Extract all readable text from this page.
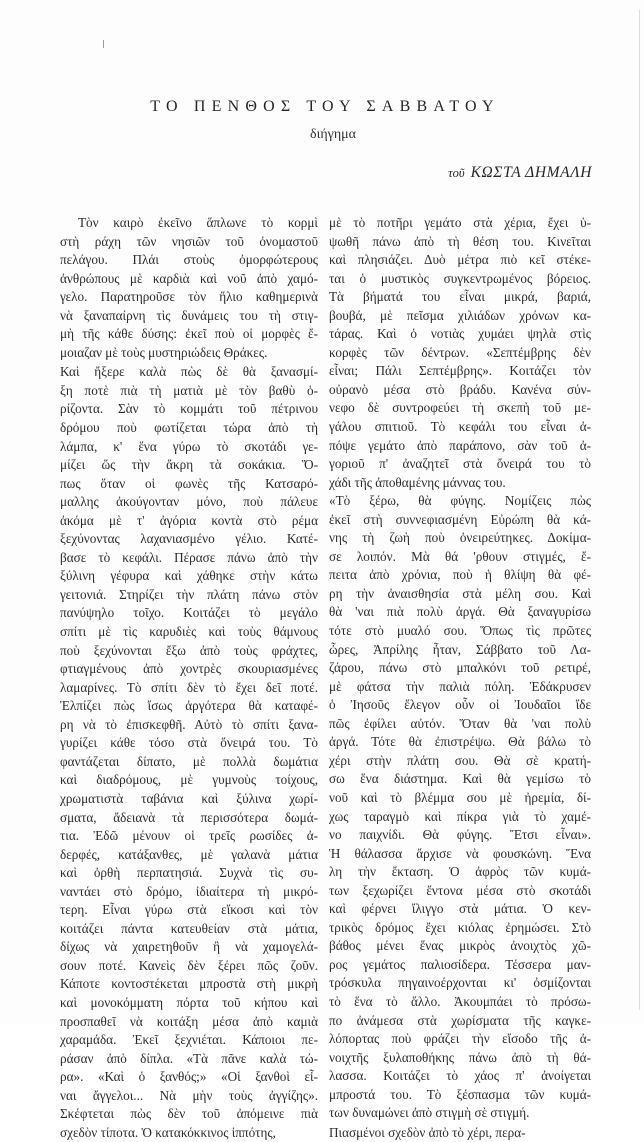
ΤΟ ΠΕΝΘΟΣ ΤΟΥ ΣΑΒΒΑΤΟΥ
διήγημα
τοῦ ΚΩΣΤΑ ΔΗΜΑΛΗ
Τὸν καιρὸ ἐκεῖνο ἅπλωνε τὸ κορμὶ
στὴ ράχη τῶν νησιῶν τοῦ ὀνομαστοῦ
πελάγου. Πλάι στοὺς ὀμορφώτερους
ἀνθρώπους μὲ καρδιὰ καὶ νοῦ ἀπὸ χαμό-
γελο. Παρατηροῦσε τὸν ἥλιο καθημερινὰ
νὰ ξαναπαίρνη τὶς δυνάμεις του τὴ στιγ-
μὴ τῆς κάθε δύσης: ἐκεῖ ποὺ οἱ μορφὲς ἔ-
μοιαζαν μὲ τοὺς μυστηριώδεις Θράκες.
Καὶ ἤξερε καλὰ πὼς δὲ θὰ ξανασμί-
ξη ποτὲ πιὰ τὴ ματιὰ μὲ τὸν βαθὺ ὁ-
ρίζοντα. Σὰν τὸ κομμάτι τοῦ πέτρινου
δρόμου ποὺ φωτίζεται τώρα ἀπὸ τὴ
λάμπα, κ' ἕνα γύρω τὸ σκοτάδι γε-
μίζει ὥς τὴν ἄκρη τὰ σοκάκια. Ὅ-
πως ὅταν οἱ φωνὲς τῆς Κατσαρό-
μαλλης ἀκούγονταν μόνο, ποὺ πάλευε
ἀκόμα μὲ τ' ἀγόρια κοντὰ στὸ ρέμα
ξεχύνοντας λαχανιασμένο γέλιο. Κατέ-
βασε τὸ κεφάλι. Πέρασε πάνω ἀπὸ τὴν
ξύλινη γέφυρα καὶ χάθηκε στὴν κάτω
γειτονιά. Στηρίζει τὴν πλάτη πάνω στὸν
πανύψηλο τοῖχο. Κοιτάζει τὸ μεγάλο
σπίτι μὲ τὶς καρυδιὲς καὶ τοὺς θάμνους
ποὺ ξεχύνονται ἔξω ἀπὸ τοὺς φράχτες,
φτιαγμένους ἀπὸ χοντρὲς σκουριασμένες
λαμαρίνες. Τὸ σπίτι δὲν τὸ ἔχει δεῖ ποτέ.
Ἐλπίζει πὼς ἴσως ἀργότερα θὰ καταφέ-
ρη νὰ τὸ ἐπισκεφθῆ. Αὐτὸ τὸ σπίτι ξανα-
γυρίζει κάθε τόσο στὰ ὄνειρά του. Τὸ
φαντάζεται δίπατο, μὲ πολλὰ δωμάτια
καὶ διαδρόμους, μὲ γυμνοὺς τοίχους,
χρωματιστὰ ταβάνια καὶ ξύλινα χωρί-
σματα, ἄδειανὰ τὰ περισσότερα δωμά-
τια. Ἐδῶ μένουν οἱ τρεῖς ρωσίδες ἀ-
δερφές, κατάξανθες, μὲ γαλανὰ μάτια
καὶ ὀρθὴ περπατησιά. Συχνὰ τὶς συ-
ναντάει στὸ δρόμο, ἰδιαίτερα τὴ μικρό-
τερη. Εἶναι γύρω στὰ εἴκοσι καὶ τὸν
κοιτάζει πάντα κατευθείαν στὰ μάτια,
δίχως νὰ χαιρετηθοῦν ἢ νὰ χαμογελά-
σουν ποτέ. Κανεὶς δὲν ξέρει πῶς ζοῦν.
Κάποτε κοντοστέκεται μπροστὰ στὴ μικρὴ
καὶ μονοκόμματη πόρτα τοῦ κήπου καὶ
προσπαθεῖ νὰ κοιτάξη μέσα ἀπὸ καμιὰ
χαραμάδα. Ἐκεῖ ξεχνιέται. Κάποιοι πε-
ράσαν ἀπὸ δίπλα. «Τὰ πᾶνε καλὰ τώ-
ρα». «Καὶ ὁ ξανθός;» «Οἱ ξανθοὶ εἶ-
ναι ἄγγελοι... Νὰ μὴν τοὺς ἀγγίζης».
Σκέφτεται πὼς δὲν τοῦ ἀπόμεινε πιὰ
σχεδὸν τίποτα. Ὁ κατακόκκινος ἱππότης,
μὲ τὸ ποτῆρι γεμάτο στὰ χέρια, ἔχει ὑ-
ψωθῆ πάνω ἀπὸ τὴ θέση του. Κινεῖται
καὶ πλησιάζει. Δυὸ μέτρα πιὸ κεῖ στέκε-
ται ὁ μυστικὸς συγκεντρωμένος βόρειος.
Τὰ βήματά του εἶναι μικρά, βαριά,
βουβά, μὲ πεῖσμα χιλιάδων χρόνων κα-
τάρας. Καὶ ὁ νοτιὰς χυμάει ψηλὰ στὶς
κορφὲς τῶν δέντρων. «Σεπτέμβρης δὲν
εἶναι; Πάλι Σεπτέμβρης». Κοιτάζει τὸν
οὐρανὸ μέσα στὸ βράδυ. Κανένα σύν-
νεφο δὲ συντροφεύει τὴ σκεπὴ τοῦ με-
γάλου σπιτιοῦ. Τὸ κεφάλι του εἶναι ἀ-
πόψε γεμάτο ἀπὸ παράπονο, σὰν τοῦ ἀ-
γοριοῦ π' ἀναζητεῖ στὰ ὄνειρά του τὸ
χάδι τῆς ἀποθαμένης μάννας του.
«Τὸ ξέρω, θὰ φύγης. Νομίζεις πὼς
ἐκεῖ στὴ συννεφιασμένη Εὐρώπη θὰ κά-
νης τὴ ζωὴ ποὺ ὀνειρεύτηκες. Δοκίμα-
σε λοιπόν. Μὰ θά 'ρθουν στιγμές, ἔ-
πειτα ἀπὸ χρόνια, ποὺ ἡ θλίψη θὰ φέ-
ρη τὴν ἀναισθησία στὰ μέλη σου. Καὶ
θὰ 'ναι πιὰ πολὺ ἀργά. Θὰ ξαναγυρίσω
τότε στὸ μυαλό σου. Ὅπως τὶς πρῶτες
ὧρες, Ἀπρίλης ἦταν, Σάββατο τοῦ Λα-
ζάρου, πάνω στὸ μπαλκόνι τοῦ ρετιρέ,
μὲ φάτσα τὴν παλιὰ πόλη. Ἐδάκρυσεν
ὁ Ἰησοῦς ἔλεγον οὖν οἱ Ἰουδαῖοι ἴδε
πῶς ἐφίλει αὐτόν. Ὅταν θὰ 'ναι πολὺ
ἀργά. Τότε θὰ ἐπιστρέψω. Θὰ βάλω τὸ
χέρι στὴν πλάτη σου. Θὰ σὲ κρατή-
σω ἕνα διάστημα. Καὶ θὰ γεμίσω τὸ
νοῦ καὶ τὸ βλέμμα σου μὲ ἠρεμία, δί-
χως ταραγμὸ καὶ πίκρα γιὰ τὸ χαμέ-
νο παιχνίδι. Θὰ φύγης. Ἔτσι εἶναι».
Ἡ θάλασσα ἄρχισε νὰ φουσκώνη. Ἕνα
λη τὴν ἔκταση. Ὁ ἀφρὸς τῶν κυμά-
των ξεχωρίζει ἔντονα μέσα στὸ σκοτάδι
καὶ φέρνει ἴλιγγο στὰ μάτια. Ὁ κεν-
τρικὸς δρόμος ἔχει κιόλας ἐρημώσει. Στὸ
βάθος μένει ἕνας μικρὸς ἀνοιχτὸς χῶ-
ρος γεμάτος παλιοσίδερα. Τέσσερα μαν-
τρόσκυλα πηγαινοέρχονται κι' ὀσμίζονται
τὸ ἕνα τὸ ἄλλο. Ἀκουμπάει τὸ πρόσω-
πο ἀνάμεσα στὰ χωρίσματα τῆς καγκε-
λόπορτας ποὺ φράζει τὴν εἴσοδο τῆς ἀ-
νοιχτῆς ξυλαποθήκης πάνω ἀπὸ τὴ θά-
λασσα. Κοιτάζει τὸ χάος π' ἀνοίγεται
μπροστά του. Τὸ ξέσπασμα τῶν κυμά-
των δυναμώνει ἀπὸ στιγμὴ σὲ στιγμή.
Πιασμένοι σχεδὸν ἀπὸ τὸ χέρι, περα-
